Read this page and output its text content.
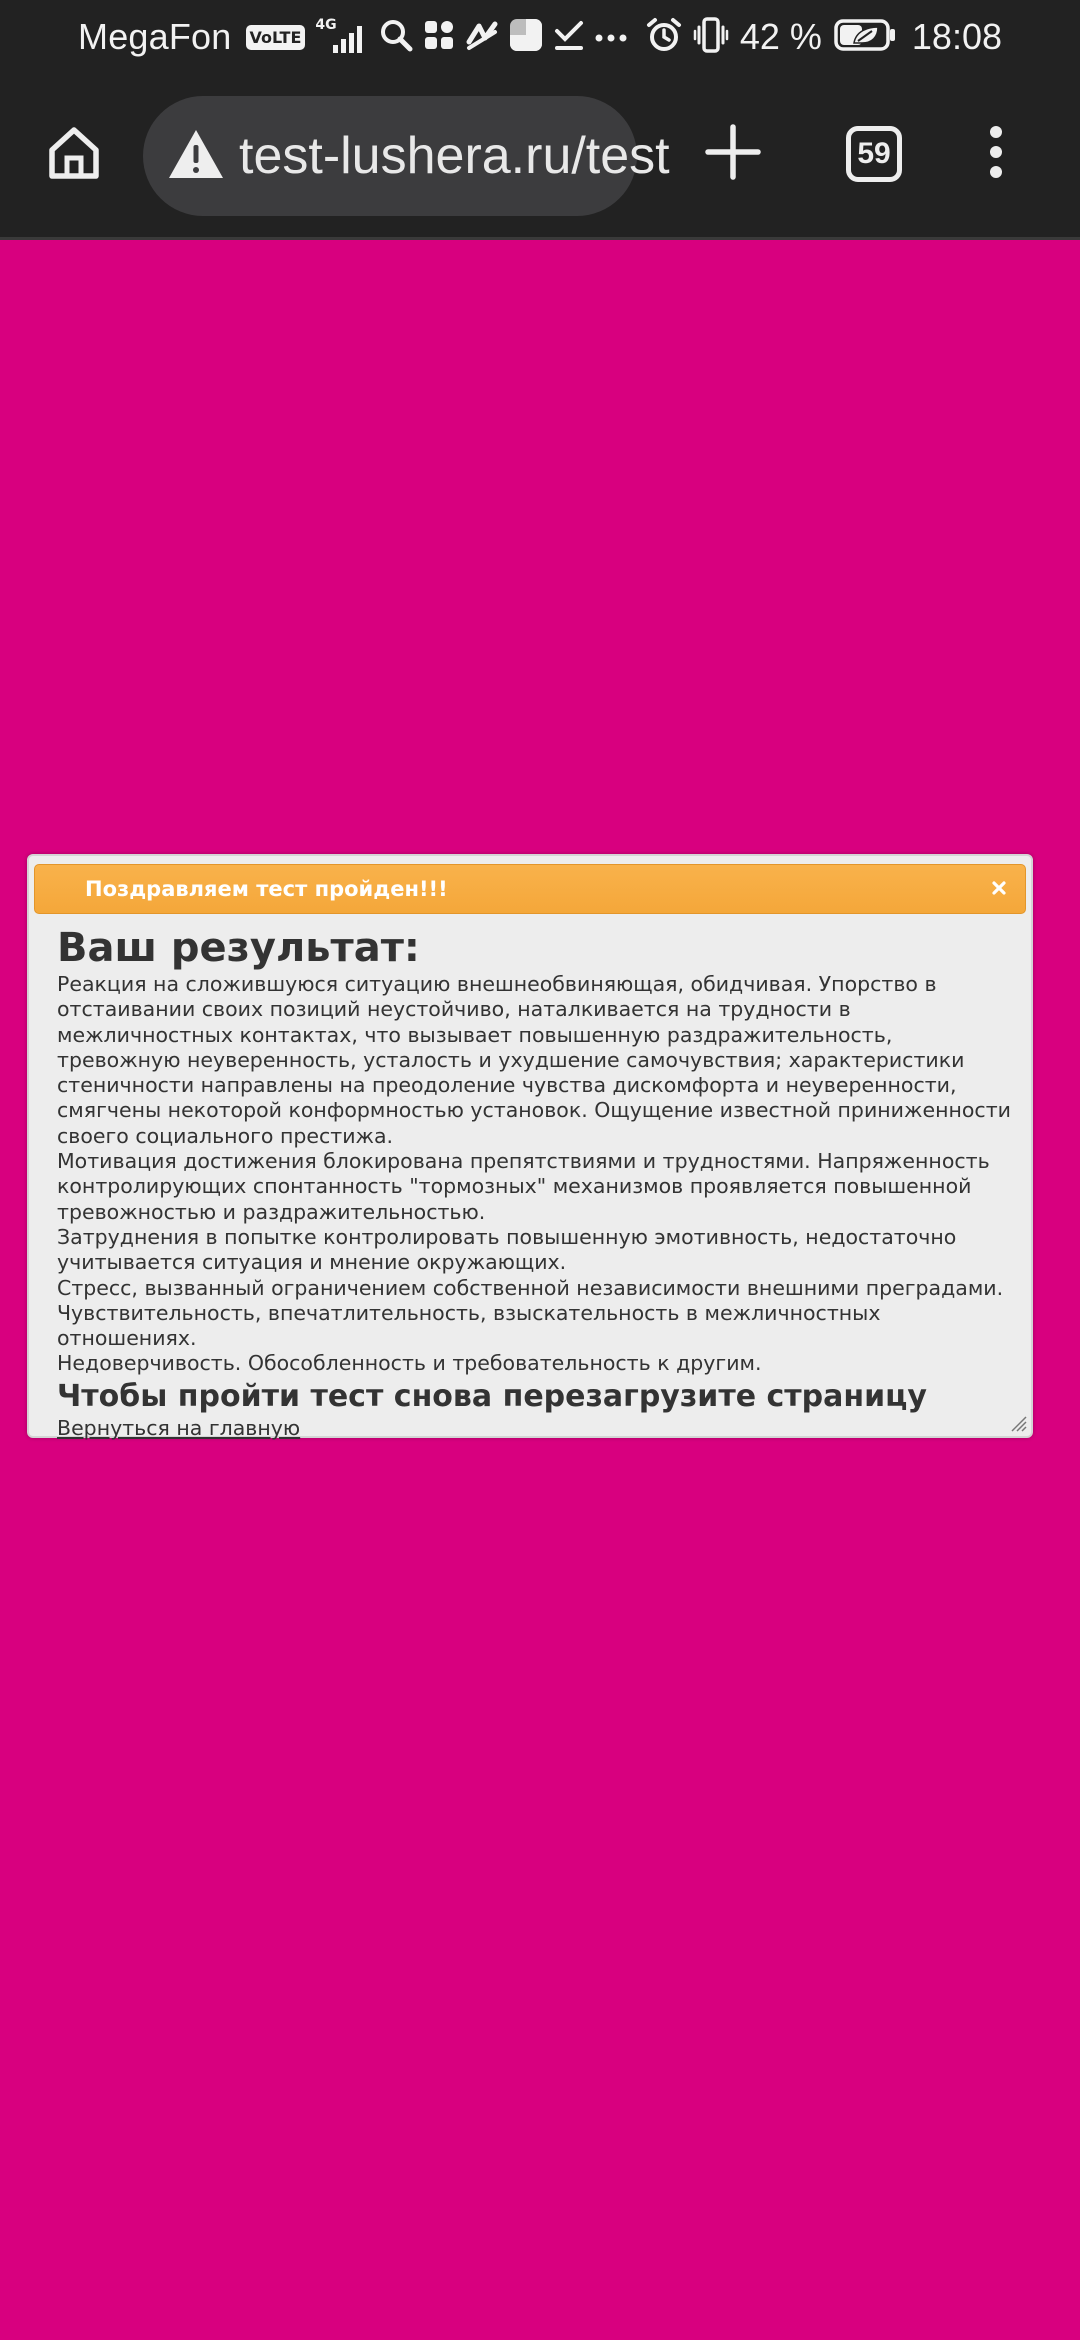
MegaFon VoLTE
4G	42 %	18:08
test-lushera.ru/test	59
Поздравляем тест пройден!!!
Ваш результат:

Реакция на сложившуюся ситуацию внешнеобвиняющая, обидчивая. Упорство в отстаивании своих позиций неустойчиво, наталкивается на трудности в межличностных контактах, что вызывает повышенную раздражительность, тревожную неуверенность, усталость и ухудшение самочувствия; характеристики стеничности направлены на преодоление чувства дискомфорта и неуверенности, смягчены некоторой конформностью установок. Ощущение известной приниженности своего социального престижа.

Мотивация достижения блокирована препятствиями и трудностями. Напряженность контролирующих спонтанность "тормозных" механизмов проявляется повышенной тревожностью и раздражительностью.

Затруднения в попытке контролировать повышенную эмотивность, недостаточно учитывается ситуация и мнение окружающих.

Стресс, вызванный ограничением собственной независимости внешними преградами.

Чувствительность, впечатлительность, взыскательность в межличностных отношениях.

Недоверчивость. Обособленность и требовательность к другим.

Чтобы пройти тест снова перезагрузите страницу
Вернуться на главную
